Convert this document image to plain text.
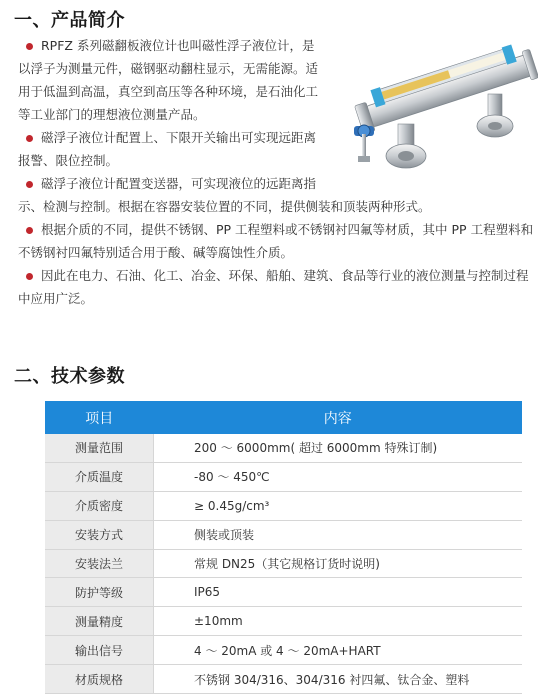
一、产品简介

RPFZ 系列磁翻板液位计也叫磁性浮子液位计，是以浮子为测量元件，磁钢驱动翻柱显示，无需能源。适用于低温到高温，真空到高压等各种环境，是石油化工等工业部门的理想液位测量产品。

磁浮子液位计配置上、下限开关输出可实现远距离报警、限位控制。

磁浮子液位计配置变送器，可实现液位的远距离指示、检测与控制。根据在容器安装位置的不同，提供侧装和顶装两种形式。

根据介质的不同，提供不锈钢、PP 工程塑料或不锈钢衬四氟等材质，其中 PP 工程塑料和不锈钢衬四氟特别适合用于酸、碱等腐蚀性介质。

因此在电力、石油、化工、冶金、环保、船舶、建筑、食品等行业的液位测量与控制过程中应用广泛。

二、技术参数
项目	内容
测量范围	200 ～ 6000mm( 超过 6000mm 特殊订制)
介质温度	-80 ～ 450℃
介质密度	≥ 0.45g/cm³
安装方式	侧装或顶装
安装法兰	常规 DN25（其它规格订货时说明)
防护等级	IP65
测量精度	±10mm
输出信号	4 ～ 20mA 或 4 ～ 20mA+HART
材质规格	不锈钢 304/316、304/316 衬四氟、钛合金、塑料
